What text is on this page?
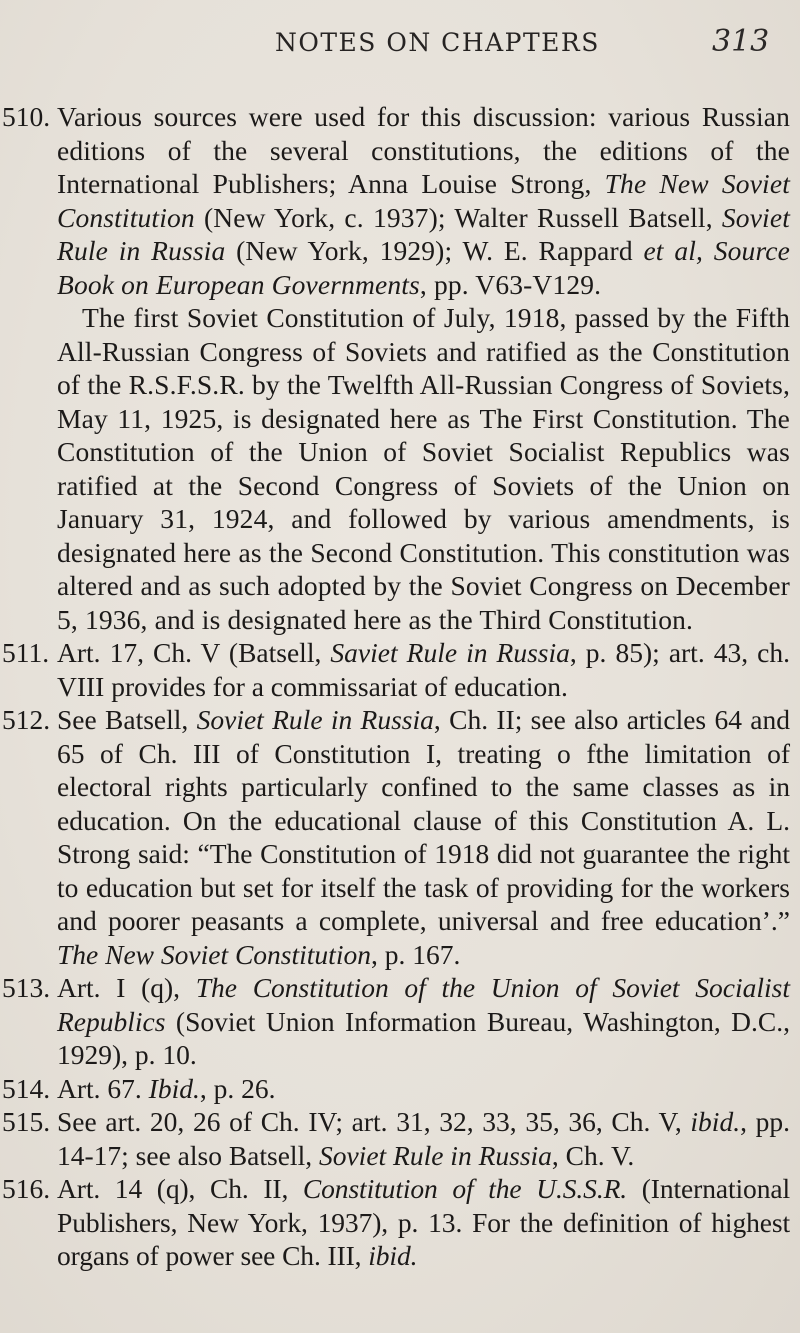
NOTES ON CHAPTERS	313
510. Various sources were used for this discussion: various Russian editions of the several constitutions, the editions of the International Publishers; Anna Louise Strong, The New Soviet Constitution (New York, c. 1937); Walter Russell Batsell, Soviet Rule in Russia (New York, 1929); W. E. Rappard et al, Source Book on European Governments, pp. V63-V129.

The first Soviet Constitution of July, 1918, passed by the Fifth All-Russian Congress of Soviets and ratified as the Constitution of the R.S.F.S.R. by the Twelfth All-Russian Congress of Soviets, May 11, 1925, is designated here as The First Constitution. The Constitution of the Union of Soviet Socialist Republics was ratified at the Second Congress of Soviets of the Union on January 31, 1924, and followed by various amendments, is designated here as the Second Constitution. This constitution was altered and as such adopted by the Soviet Congress on December 5, 1936, and is designated here as the Third Constitution.

511. Art. 17, Ch. V (Batsell, Saviet Rule in Russia, p. 85); art. 43, ch. VIII provides for a commissariat of education.

512. See Batsell, Soviet Rule in Russia, Ch. II; see also articles 64 and 65 of Ch. III of Constitution I, treating o fthe limitation of electoral rights particularly confined to the same classes as in education. On the educational clause of this Constitution A. L. Strong said: “The Constitution of 1918 did not guarantee the right to education but set for itself the task of providing for the workers and poorer peasants a complete, universal and free education’.” The New Soviet Constitution, p. 167.

513. Art. I (q), The Constitution of the Union of Soviet Socialist Republics (Soviet Union Information Bureau, Washington, D.C., 1929), p. 10.

514. Art. 67. Ibid., p. 26.

515. See art. 20, 26 of Ch. IV; art. 31, 32, 33, 35, 36, Ch. V, ibid., pp. 14-17; see also Batsell, Soviet Rule in Russia, Ch. V.

516. Art. 14 (q), Ch. II, Constitution of the U.S.S.R. (International Publishers, New York, 1937), p. 13. For the definition of highest organs of power see Ch. III, ibid.
